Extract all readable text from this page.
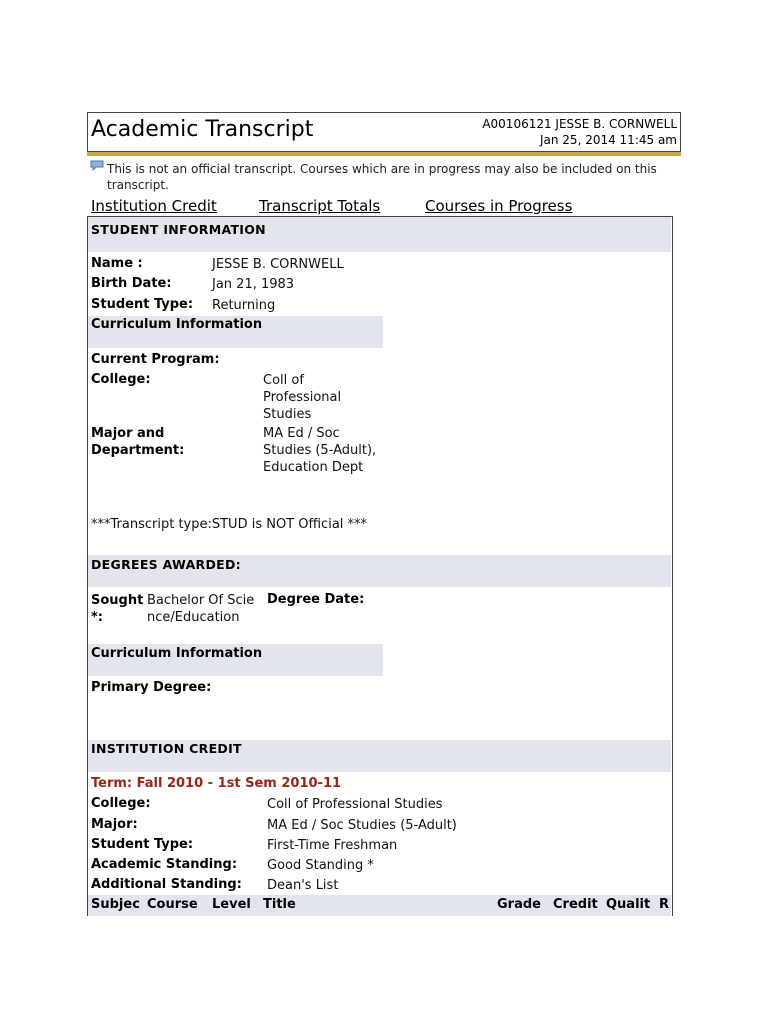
Academic Transcript	A00106121 JESSE B. CORNWELL
Jan 25, 2014 11:45 am
This is not an official transcript. Courses which are in progress may also be included on this transcript.
Institution Credit	Transcript Totals	Courses in Progress
STUDENT INFORMATION
Name :	JESSE B. CORNWELL
Birth Date:	Jan 21, 1983
Student Type: Returning
Curriculum Information
Current Program:
College:	Coll of Professional Studies
Major and Department:
MA Ed / Soc Studies (5-Adult), Education Dept
***Transcript type:STUD is NOT Official ***
DEGREES AWARDED:
Sought *:
Bachelor Of Science/Education
Degree Date:
Curriculum Information
Primary Degree:
INSTITUTION CREDIT
Term: Fall 2010 - 1st Sem 2010-11
College:	Coll of Professional Studies
Major:	MA Ed / Soc Studies (5-Adult)
Student Type:	First-Time Freshman
Academic Standing: Good Standing *
Additional Standing: Dean's List
Subjec Course Level Title	Grade Credit Qualit R
